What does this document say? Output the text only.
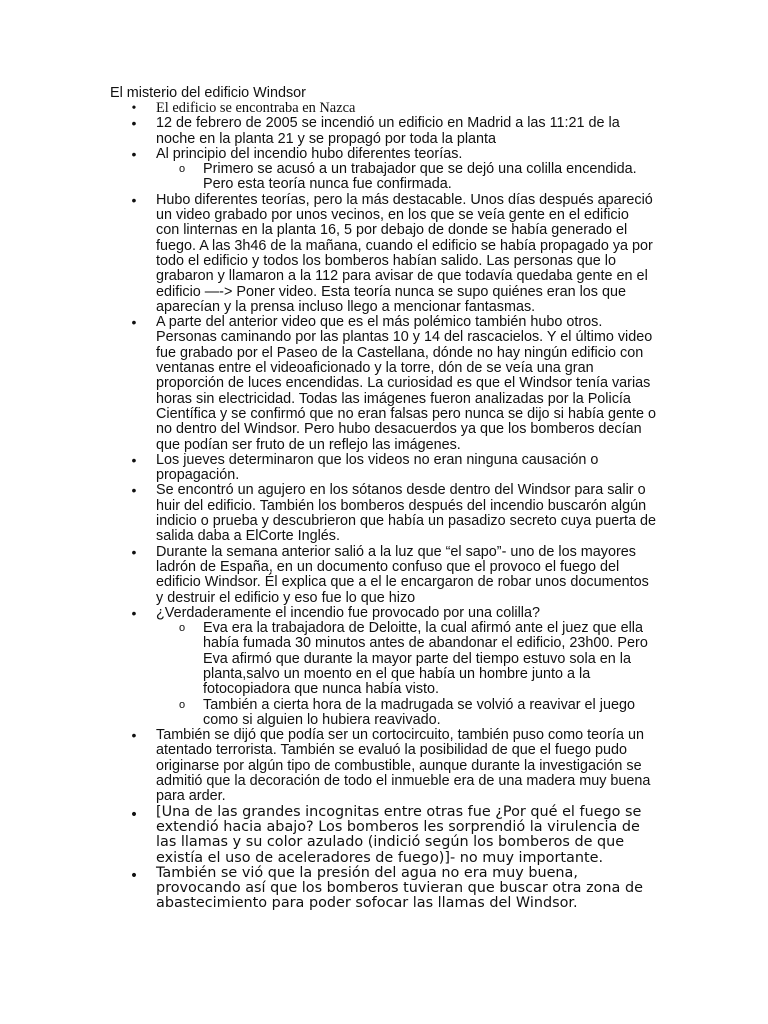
El misterio del edificio Windsor
• El edificio se encontraba en Nazca
• 12 de febrero de 2005 se incendió un edificio en Madrid a las 11:21 de la noche en la planta 21 y se propagó por toda la planta
• Al principio del incendio hubo diferentes teorías.
o Primero se acusó a un trabajador que se dejó una colilla encendida. Pero esta teoría nunca fue confirmada.
• Hubo diferentes teorías, pero la más destacable. Unos días después apareció un video grabado por unos vecinos, en los que se veía gente en el edificio con linternas en la planta 16, 5 por debajo de donde se había generado el fuego. A las 3h46 de la mañana, cuando el edificio se había propagado ya por todo el edificio y todos los bomberos habían salido. Las personas que lo grabaron y llamaron a la 112 para avisar de que todavía quedaba gente en el edificio —-> Poner video. Esta teoría nunca se supo quiénes eran los que aparecían y la prensa incluso llego a mencionar fantasmas.
• A parte del anterior video que es el más polémico también hubo otros. Personas caminando por las plantas 10 y 14 del rascacielos. Y el último video fue grabado por el Paseo de la Castellana, dónde no hay ningún edificio con ventanas entre el videoaficionado y la torre, dón de se veía una gran proporción de luces encendidas. La curiosidad es que el Windsor tenía varias horas sin electricidad. Todas las imágenes fueron analizadas por la Policía Científica y se confirmó que no eran falsas pero nunca se dijo si había gente o no dentro del Windsor. Pero hubo desacuerdos ya que los bomberos decían que podían ser fruto de un reflejo las imágenes.
• Los jueves determinaron que los videos no eran ninguna causación o propagación.
• Se encontró un agujero en los sótanos desde dentro del Windsor para salir o huir del edificio. También los bomberos después del incendio buscarón algún indicio o prueba y descubrieron que había un pasadizo secreto cuya puerta de salida daba a ElCorte Inglés.
• Durante la semana anterior salió a la luz que “el sapo”- uno de los mayores ladrón de España, en un documento confuso que el provoco el fuego del edificio Windsor. Él explica que a el le encargaron de robar unos documentos y destruir el edificio y eso fue lo que hizo
• ¿Verdaderamente el incendio fue provocado por una colilla?
o Eva era la trabajadora de Deloitte, la cual afirmó ante el juez que ella había fumada 30 minutos antes de abandonar el edificio, 23h00. Pero Eva afirmó que durante la mayor parte del tiempo estuvo sola en la planta,salvo un moento en el que había un hombre junto a la fotocopiadora que nunca había visto.
o También a cierta hora de la madrugada se volvió a reavivar el juego como si alguien lo hubiera reavivado.
• También se dijó que podía ser un cortocircuito, también puso como teoría un atentado terrorista. También se evaluó la posibilidad de que el fuego pudo originarse por algún tipo de combustible, aunque durante la investigación se admitió que la decoración de todo el inmueble era de una madera muy buena para arder.
• [Una de las grandes incognitas entre otras fue ¿Por qué el fuego se extendió hacia abajo? Los bomberos les sorprendió la virulencia de las llamas y su color azulado (indició según los bomberos de que existía el uso de aceleradores de fuego)]- no muy importante.
• También se vió que la presión del agua no era muy buena, provocando así que los bomberos tuvieran que buscar otra zona de abastecimiento para poder sofocar las llamas del Windsor.
